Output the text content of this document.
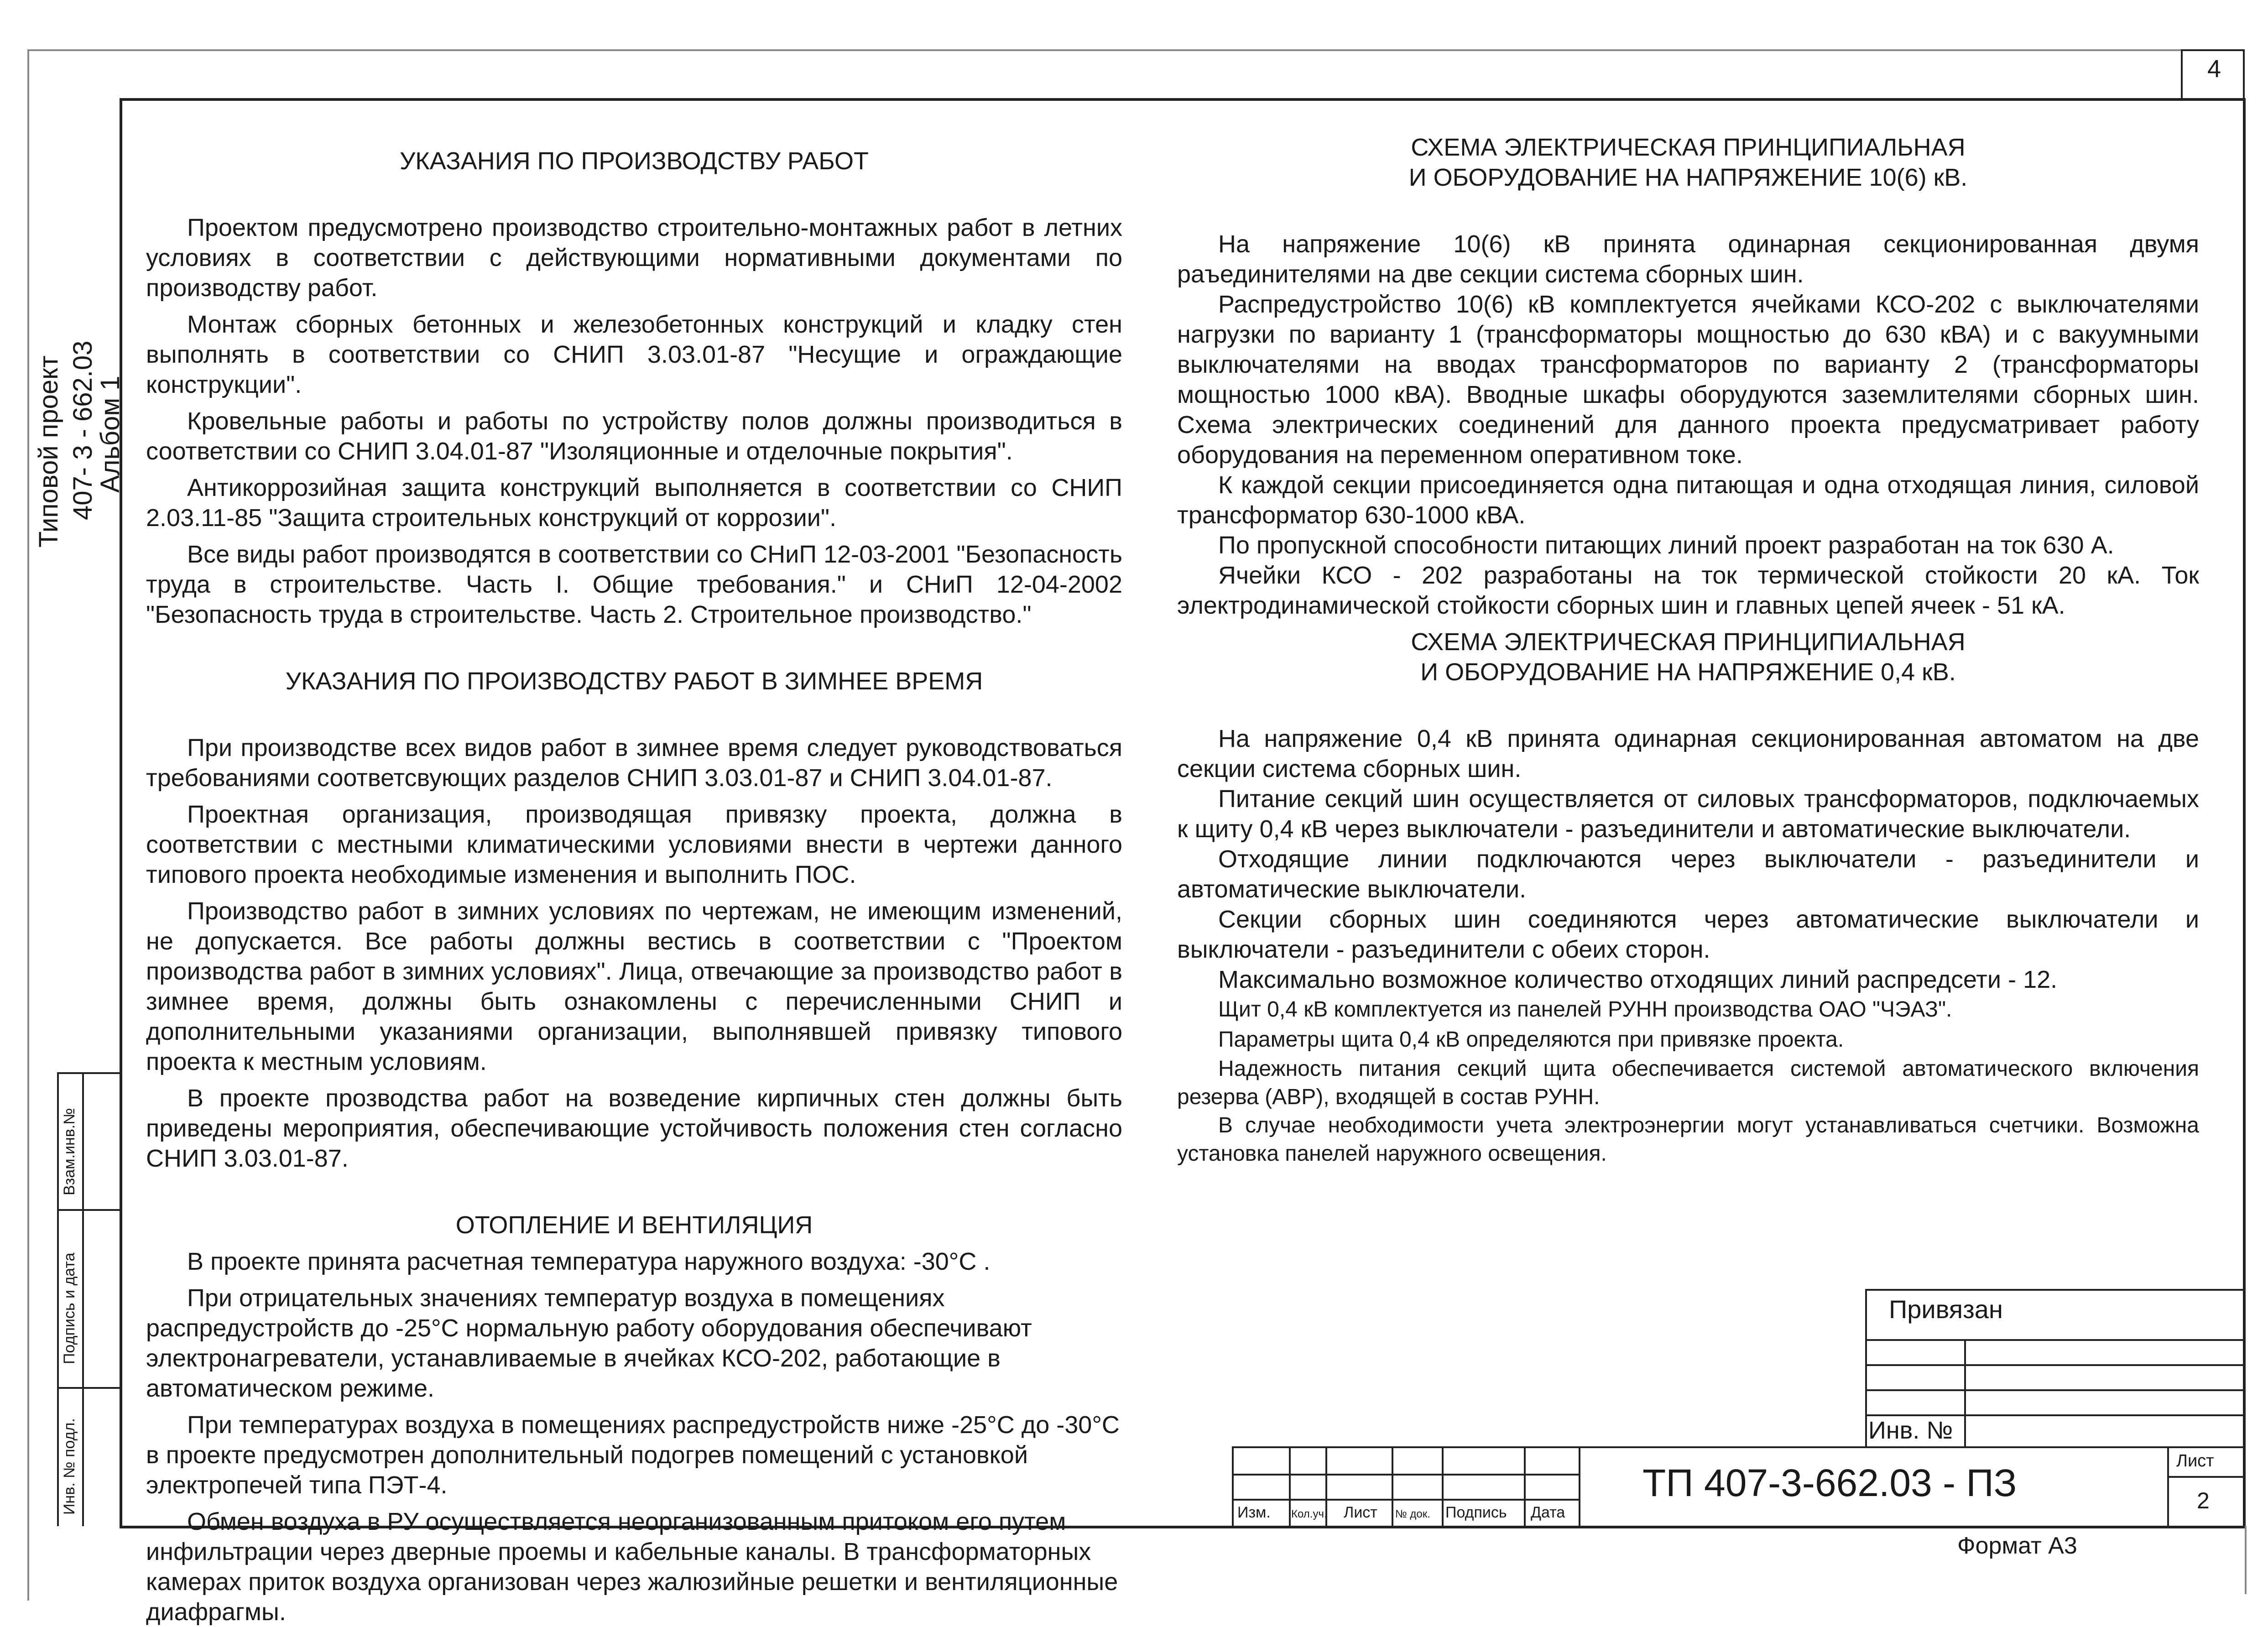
4
Типовой проект 407- 3 - 662.03
Альбом 1
Взам.инв.№
Подпись и дата
Инв. № подл.
УКАЗАНИЯ ПО ПРОИЗВОДСТВУ РАБОТ

Проектом предусмотрено производство строительно-монтажных работ в летних условиях в соответствии с действующими нормативными документами по производству работ.

Монтаж сборных бетонных и железобетонных конструкций и кладку стен выполнять в соответствии со СНИП 3.03.01-87 "Несущие и ограждающие конструкции".

Кровельные работы и работы по устройству полов должны производиться в соответствии со СНИП 3.04.01-87 "Изоляционные и отделочные покрытия".

Антикоррозийная защита конструкций выполняется в соответствии со СНИП 2.03.11-85 "Защита строительных конструкций от коррозии".

Все виды работ производятся в соответствии со СНиП 12-03-2001 "Безопасность труда в строительстве. Часть I. Общие требования." и СНиП 12-04-2002 "Безопасность труда в строительстве. Часть 2. Строительное производство."

УКАЗАНИЯ ПО ПРОИЗВОДСТВУ РАБОТ В ЗИМНЕЕ ВРЕМЯ

При производстве всех видов работ в зимнее время следует руководствоваться требованиями соответсвующих разделов СНИП 3.03.01-87 и СНИП 3.04.01-87.

Проектная организация, производящая привязку проекта, должна в соответствии с местными климатическими условиями внести в чертежи данного типового проекта необходимые изменения и выполнить ПОС.

Производство работ в зимних условиях по чертежам, не имеющим изменений, не допускается. Все работы должны вестись в соответствии с "Проектом производства работ в зимних условиях". Лица, отвечающие за производство работ в зимнее время, должны быть ознакомлены с перечисленными СНИП и дополнительными указаниями организации, выполнявшей привязку типового проекта к местным условиям.

В проекте прозводства работ на возведение кирпичных стен должны быть приведены мероприятия, обеспечивающие устойчивость положения стен согласно СНИП 3.03.01-87.

ОТОПЛЕНИЕ И ВЕНТИЛЯЦИЯ

В проекте принята расчетная температура наружного воздуха: -30°С .

При отрицательных значениях температур воздуха в помещениях распредустройств до -25°С нормальную работу оборудования обеспечивают электронагреватели, устанавливаемые в ячейках КСО-202, работающие в автоматическом режиме.

При температурах воздуха в помещениях распредустройств ниже -25°С до -30°С в проекте предусмотрен дополнительный подогрев помещений с установкой электропечей типа ПЭТ-4.

Обмен воздуха в РУ осуществляется неорганизованным притоком его путем инфильтрации через дверные проемы и кабельные каналы. В трансформаторных камерах приток воздуха организован через жалюзийные решетки и вентиляционные диафрагмы.

СХЕМА ЭЛЕКТРИЧЕСКАЯ ПРИНЦИПИАЛЬНАЯ
И ОБОРУДОВАНИЕ НА НАПРЯЖЕНИЕ 10(6) кВ.

На напряжение 10(6) кВ принята одинарная секционированная двумя раъединителями на две секции система сборных шин.

Распредустройство 10(6) кВ комплектуется ячейками КСО-202 с выключателями нагрузки по варианту 1 (трансформаторы мощностью до 630 кВА) и с вакуумными выключателями на вводах трансформаторов по варианту 2 (трансформаторы мощностью 1000 кВА). Вводные шкафы оборудуются заземлителями сборных шин. Схема электрических соединений для данного проекта предусматривает работу оборудования на переменном оперативном токе.

К каждой секции присоединяется одна питающая и одна отходящая линия, силовой трансформатор 630-1000 кВА.

По пропускной способности питающих линий проект разработан на ток 630 А.

Ячейки КСО - 202 разработаны на ток термической стойкости 20 кА. Ток электродинамической стойкости сборных шин и главных цепей ячеек - 51 кА.

СХЕМА ЭЛЕКТРИЧЕСКАЯ ПРИНЦИПИАЛЬНАЯ
И ОБОРУДОВАНИЕ НА НАПРЯЖЕНИЕ 0,4 кВ.

На напряжение 0,4 кВ принята одинарная секционированная автоматом на две секции система сборных шин.

Питание секций шин осуществляется от силовых трансформаторов, подключаемых к щиту 0,4 кВ через выключатели - разъединители и автоматические выключатели.

Отходящие линии подключаются через выключатели - разъединители и автоматические выключатели.

Секции сборных шин соединяются через автоматические выключатели и выключатели - разъединители с обеих сторон.

Максимально возможное количество отходящих линий распредсети - 12.

Щит 0,4 кВ комплектуется из панелей РУНН производства ОАО "ЧЭАЗ".

Параметры щита 0,4 кВ определяются при привязке проекта.

Надежность питания секций щита обеспечивается системой автоматического включения резерва (АВР), входящей в состав РУНН.

В случае необходимости учета электроэнергии могут устанавливаться счетчики. Возможна установка панелей наружного освещения.

Привязан
Инв. №
Изм. Кол.уч. Лист № док. Подпись Дата
ТП 407-3-662.03 - ПЗ
Лист
2
Формат А3
